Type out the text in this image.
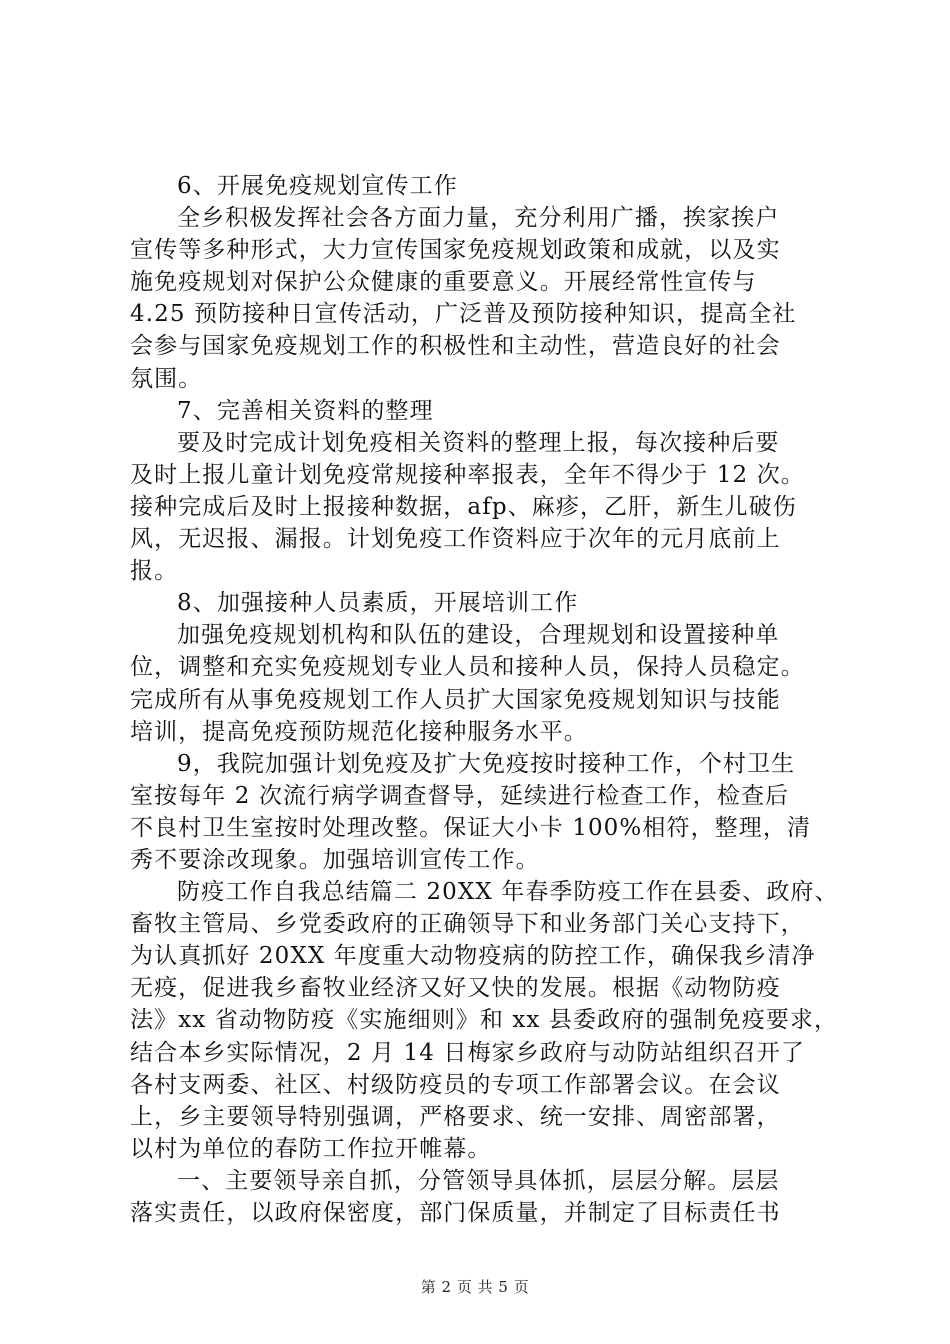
6、开展免疫规划宣传工作
全乡积极发挥社会各方面力量，充分利用广播，挨家挨户
宣传等多种形式，大力宣传国家免疫规划政策和成就，以及实
施免疫规划对保护公众健康的重要意义。开展经常性宣传与
4.25 预防接种日宣传活动，广泛普及预防接种知识，提高全社
会参与国家免疫规划工作的积极性和主动性，营造良好的社会
氛围。
7、完善相关资料的整理
要及时完成计划免疫相关资料的整理上报，每次接种后要
及时上报儿童计划免疫常规接种率报表，全年不得少于 12 次。
接种完成后及时上报接种数据，afp、麻疹，乙肝，新生儿破伤
风，无迟报、漏报。计划免疫工作资料应于次年的元月底前上
报。
8、加强接种人员素质，开展培训工作
加强免疫规划机构和队伍的建设，合理规划和设置接种单
位，调整和充实免疫规划专业人员和接种人员，保持人员稳定。
完成所有从事免疫规划工作人员扩大国家免疫规划知识与技能
培训，提高免疫预防规范化接种服务水平。
9，我院加强计划免疫及扩大免疫按时接种工作，个村卫生
室按每年 2 次流行病学调查督导，延续进行检查工作，检查后
不良村卫生室按时处理改整。保证大小卡 100%相符，整理，清
秀不要涂改现象。加强培训宣传工作。
防疫工作自我总结篇二 20XX 年春季防疫工作在县委、政府、
畜牧主管局、乡党委政府的正确领导下和业务部门关心支持下，
为认真抓好 20XX 年度重大动物疫病的防控工作，确保我乡清净
无疫，促进我乡畜牧业经济又好又快的发展。根据《动物防疫
法》xx 省动物防疫《实施细则》和 xx 县委政府的强制免疫要求，
结合本乡实际情况，2 月 14 日梅家乡政府与动防站组织召开了
各村支两委、社区、村级防疫员的专项工作部署会议。在会议
上，乡主要领导特别强调，严格要求、统一安排、周密部署，
以村为单位的春防工作拉开帷幕。
一、主要领导亲自抓，分管领导具体抓，层层分解。层层
落实责任，以政府保密度，部门保质量，并制定了目标责任书
第 2 页 共 5 页
